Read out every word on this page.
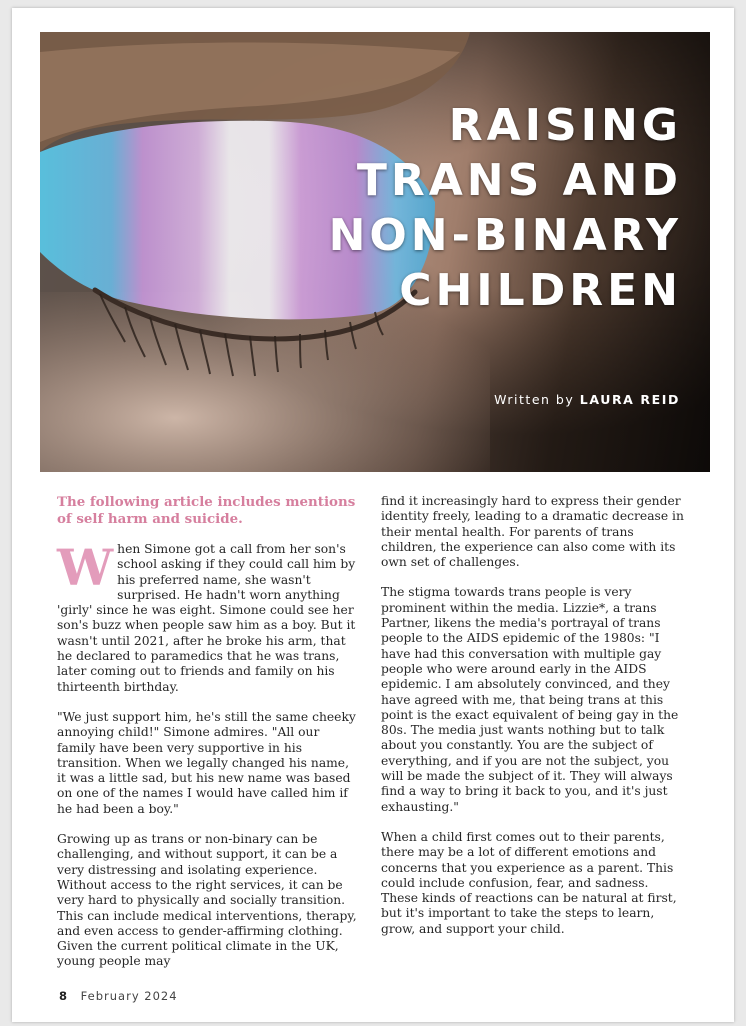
RAISING
TRANS AND
NON-BINARY
CHILDREN
Written by LAURA REID
The following article includes mentions of self harm and suicide.

When Simone got a call from her son's school asking if they could call him by his preferred name, she wasn't surprised. He hadn't worn anything 'girly' since he was eight. Simone could see her son's buzz when people saw him as a boy. But it wasn't until 2021, after he broke his arm, that he declared to paramedics that he was trans, later coming out to friends and family on his thirteenth birthday.

"We just support him, he's still the same cheeky annoying child!" Simone admires. "All our family have been very supportive in his transition. When we legally changed his name, it was a little sad, but his new name was based on one of the names I would have called him if he had been a boy."

Growing up as trans or non-binary can be challenging, and without support, it can be a very distressing and isolating experience. Without access to the right services, it can be very hard to physically and socially transition. This can include medical interventions, therapy, and even access to gender-affirming clothing. Given the current political climate in the UK, young people may

find it increasingly hard to express their gender identity freely, leading to a dramatic decrease in their mental health. For parents of trans children, the experience can also come with its own set of challenges.

The stigma towards trans people is very prominent within the media. Lizzie*, a trans Partner, likens the media's portrayal of trans people to the AIDS epidemic of the 1980s: "I have had this conversation with multiple gay people who were around early in the AIDS epidemic. I am absolutely convinced, and they have agreed with me, that being trans at this point is the exact equivalent of being gay in the 80s. The media just wants nothing but to talk about you constantly. You are the subject of everything, and if you are not the subject, you will be made the subject of it. They will always find a way to bring it back to you, and it's just exhausting."

When a child first comes out to their parents, there may be a lot of different emotions and concerns that you experience as a parent. This could include confusion, fear, and sadness. These kinds of reactions can be natural at first, but it's important to take the steps to learn, grow, and support your child.

8 February 2024
